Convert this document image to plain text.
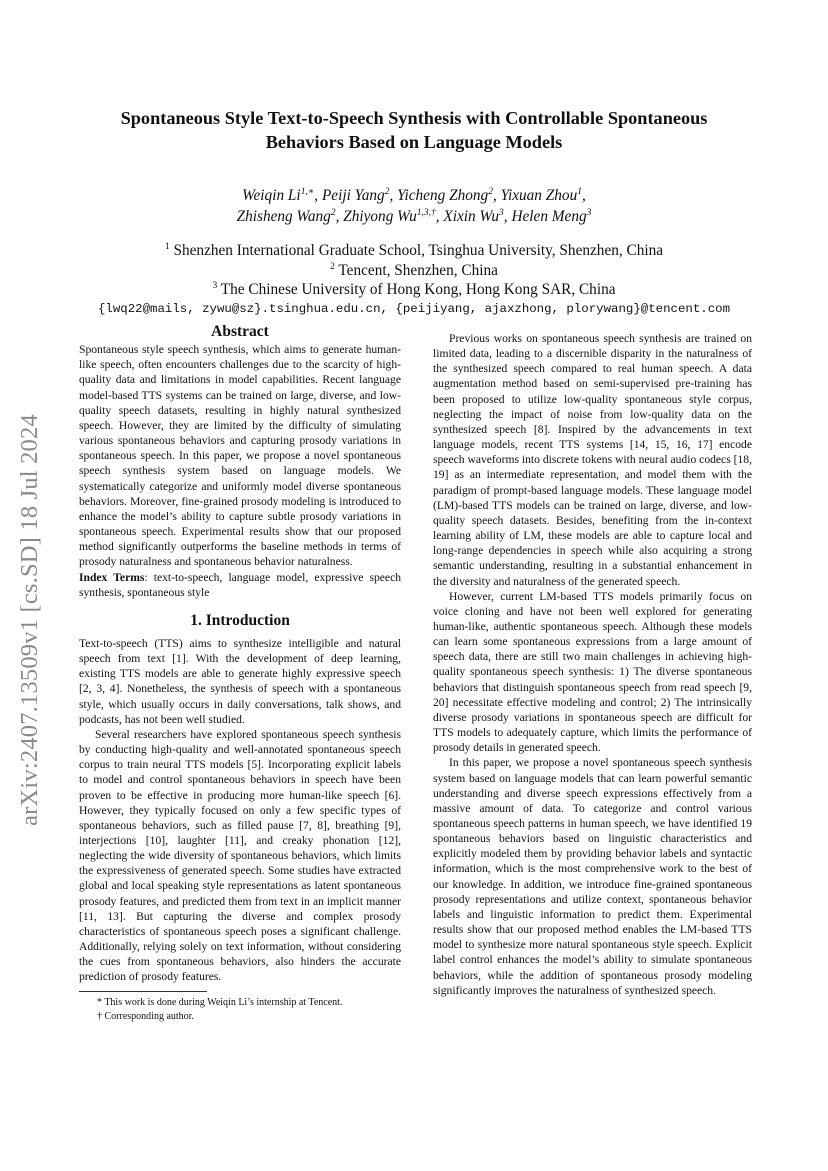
arXiv:2407.13509v1 [cs.SD] 18 Jul 2024
Spontaneous Style Text-to-Speech Synthesis with Controllable Spontaneous
Behaviors Based on Language Models
Weiqin $Li^{1,∗}$, Peiji Yang$^2$, Yicheng Zhong$^2$, Yixuan Zhou$^1$,
Zhisheng Wang$^2$, Zhiyong $Wu^{1,3,\dagger}$, Xixin Wu$^3$, Helen Meng$^3$
$^1$ Shenzhen International Graduate School, Tsinghua University, Shenzhen, China
$^2$ Tencent, Shenzhen, China
$^3$ The Chinese University of Hong Kong, Hong Kong SAR, China
{lwq22@mails, zywu@sz}.tsinghua.edu.cn, {peijiyang, ajaxzhong, plorywang}@tencent.com
Abstract

Spontaneous style speech synthesis, which aims to generate human-like speech, often encounters challenges due to the scarcity of high-quality data and limitations in model capabilities. Recent language model-based TTS systems can be trained on large, diverse, and low-quality speech datasets, resulting in highly natural synthesized speech. However, they are limited by the difficulty of simulating various spontaneous behaviors and capturing prosody variations in spontaneous speech. In this paper, we propose a novel spontaneous speech synthesis system based on language models. We systematically categorize and uniformly model diverse spontaneous behaviors. Moreover, fine-grained prosody modeling is introduced to enhance the model’s ability to capture subtle prosody variations in spontaneous speech. Experimental results show that our proposed method significantly outperforms the baseline methods in terms of prosody naturalness and spontaneous behavior naturalness.

Index Terms: text-to-speech, language model, expressive speech synthesis, spontaneous style

1. Introduction

Text-to-speech (TTS) aims to synthesize intelligible and natural speech from text [1]. With the development of deep learning, existing TTS models are able to generate highly expressive speech [2, 3, 4]. Nonetheless, the synthesis of speech with a spontaneous style, which usually occurs in daily conversations, talk shows, and podcasts, has not been well studied.

Several researchers have explored spontaneous speech synthesis by conducting high-quality and well-annotated spontaneous speech corpus to train neural TTS models [5]. Incorporating explicit labels to model and control spontaneous behaviors in speech have been proven to be effective in producing more human-like speech [6]. However, they typically focused on only a few specific types of spontaneous behaviors, such as filled pause [7, 8], breathing [9], interjections [10], laughter [11], and creaky phonation [12], neglecting the wide diversity of spontaneous behaviors, which limits the expressiveness of generated speech. Some studies have extracted global and local speaking style representations as latent spontaneous prosody features, and predicted them from text in an implicit manner [11, 13]. But capturing the diverse and complex prosody characteristics of spontaneous speech poses a significant challenge. Additionally, relying solely on text information, without considering the cues from spontaneous behaviors, also hinders the accurate prediction of prosody features.

* This work is done during Weiqin Li’s internship at Tencent.

† Corresponding author.

Previous works on spontaneous speech synthesis are trained on limited data, leading to a discernible disparity in the naturalness of the synthesized speech compared to real human speech. A data augmentation method based on semi-supervised pre-training has been proposed to utilize low-quality spontaneous style corpus, neglecting the impact of noise from low-quality data on the synthesized speech [8]. Inspired by the advancements in text language models, recent TTS systems [14, 15, 16, 17] encode speech waveforms into discrete tokens with neural audio codecs [18, 19] as an intermediate representation, and model them with the paradigm of prompt-based language models. These language model (LM)-based TTS models can be trained on large, diverse, and low-quality speech datasets. Besides, benefiting from the in-context learning ability of LM, these models are able to capture local and long-range dependencies in speech while also acquiring a strong semantic understanding, resulting in a substantial enhancement in the diversity and naturalness of the generated speech.

However, current LM-based TTS models primarily focus on voice cloning and have not been well explored for generating human-like, authentic spontaneous speech. Although these models can learn some spontaneous expressions from a large amount of speech data, there are still two main challenges in achieving high-quality spontaneous speech synthesis: 1) The diverse spontaneous behaviors that distinguish spontaneous speech from read speech [9, 20] necessitate effective modeling and control; 2) The intrinsically diverse prosody variations in spontaneous speech are difficult for TTS models to adequately capture, which limits the performance of prosody details in generated speech.

In this paper, we propose a novel spontaneous speech synthesis system based on language models that can learn powerful semantic understanding and diverse speech expressions effectively from a massive amount of data. To categorize and control various spontaneous speech patterns in human speech, we have identified 19 spontaneous behaviors based on linguistic characteristics and explicitly modeled them by providing behavior labels and syntactic information, which is the most comprehensive work to the best of our knowledge. In addition, we introduce fine-grained spontaneous prosody representations and utilize context, spontaneous behavior labels and linguistic information to predict them. Experimental results show that our proposed method enables the LM-based TTS model to synthesize more natural spontaneous style speech. Explicit label control enhances the model’s ability to simulate spontaneous behaviors, while the addition of spontaneous prosody modeling significantly improves the naturalness of synthesized speech.
